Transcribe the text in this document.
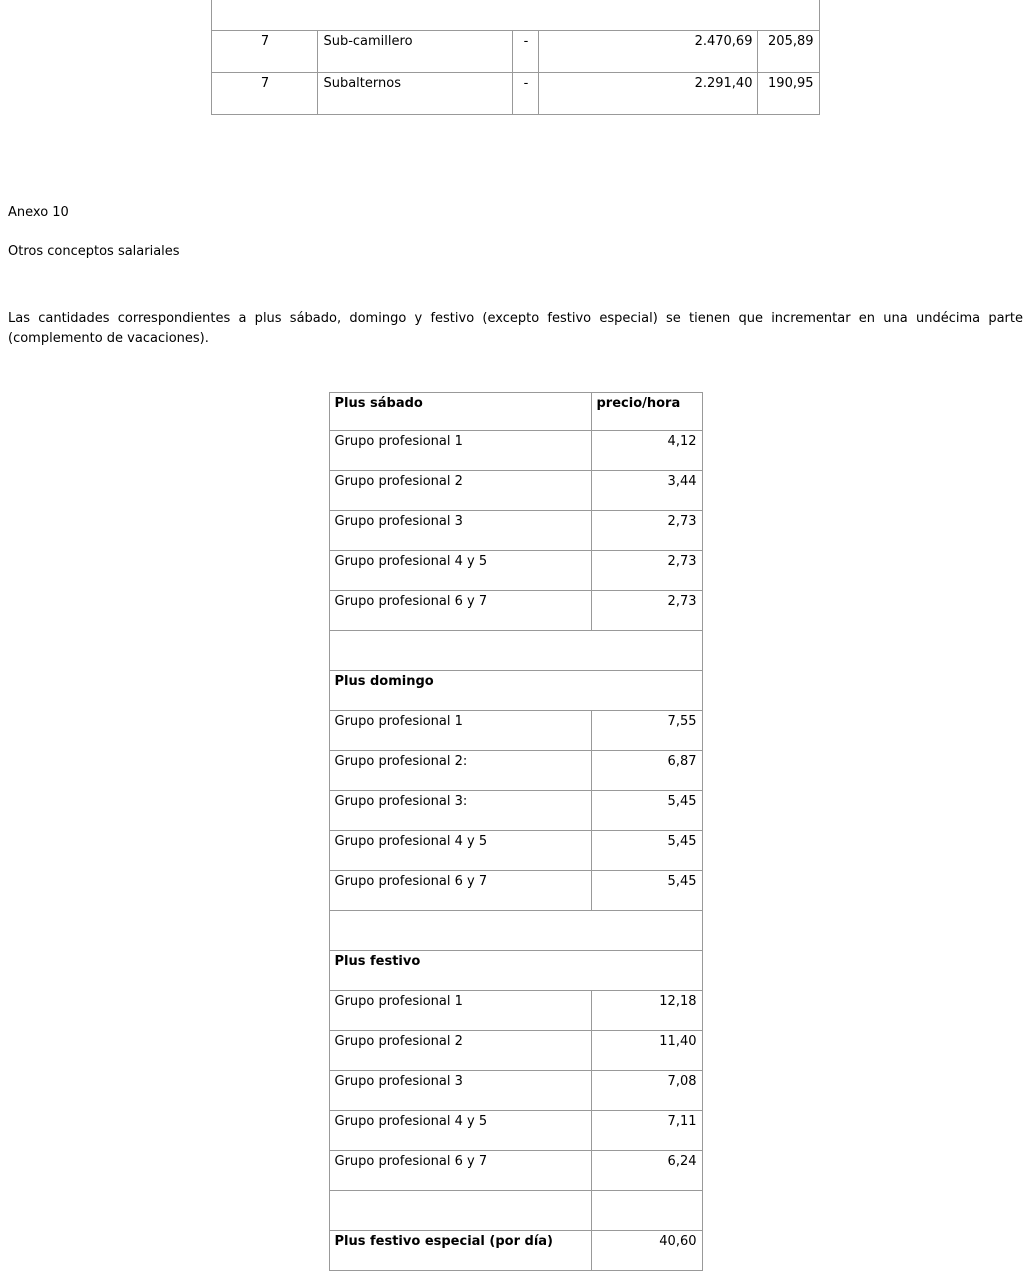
7	Sub-camillero	-	2.470,69	205,89
7	Subalternos	-	2.291,40	190,95
Anexo 10
Otros conceptos salariales

Las cantidades correspondientes a plus sábado, domingo y festivo (excepto festivo especial) se tienen que incrementar en una undécima parte (complemento de vacaciones).

Plus sábado	precio/hora
Grupo profesional 1	4,12
Grupo profesional 2	3,44
Grupo profesional 3	2,73
Grupo profesional 4 y 5	2,73
Grupo profesional 6 y 7	2,73

Plus domingo	
Grupo profesional 1	7,55
Grupo profesional 2:	6,87
Grupo profesional 3:	5,45
Grupo profesional 4 y 5	5,45
Grupo profesional 6 y 7	5,45

Plus festivo	
Grupo profesional 1	12,18
Grupo profesional 2	11,40
Grupo profesional 3	7,08
Grupo profesional 4 y 5	7,11
Grupo profesional 6 y 7	6,24

Plus festivo especial (por día)	40,60
